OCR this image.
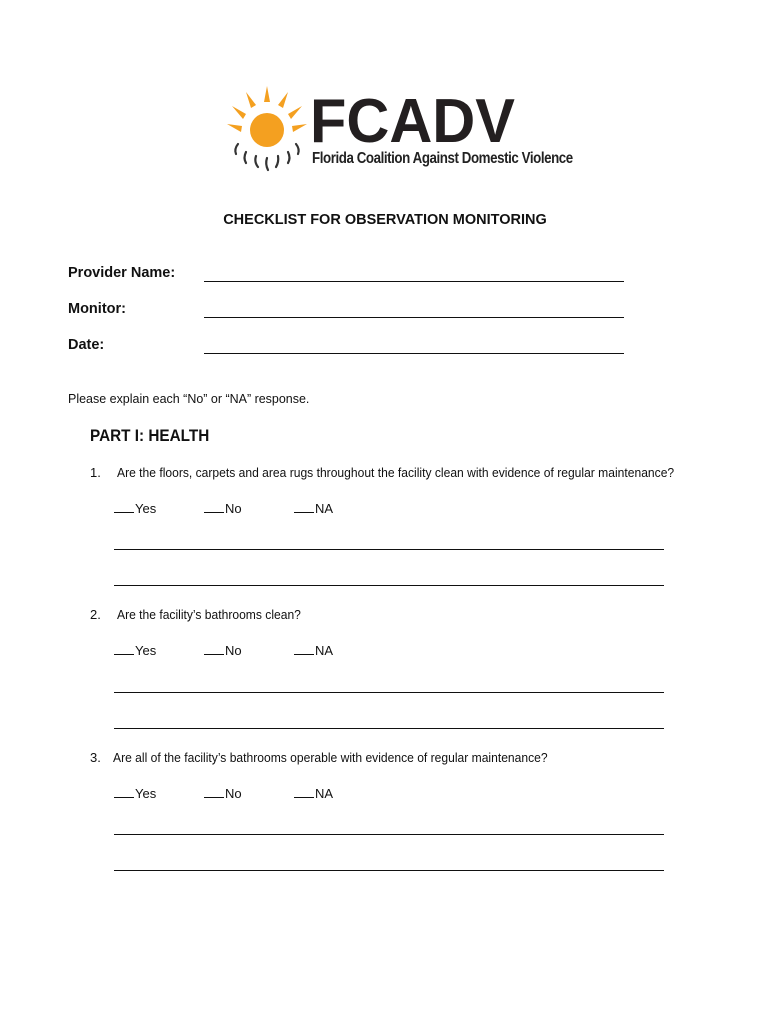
FCADV
Florida Coalition Against Domestic Violence
CHECKLIST FOR OBSERVATION MONITORING
Provider Name:
Monitor:
Date:
Please explain each “No” or “NA” response.
PART I: HEALTH
1. Are the floors, carpets and area rugs throughout the facility clean with evidence of regular maintenance?
Yes	No	NA
2. Are the facility’s bathrooms clean?
Yes	No	NA
3. Are all of the facility’s bathrooms operable with evidence of regular maintenance?
Yes	No	NA
